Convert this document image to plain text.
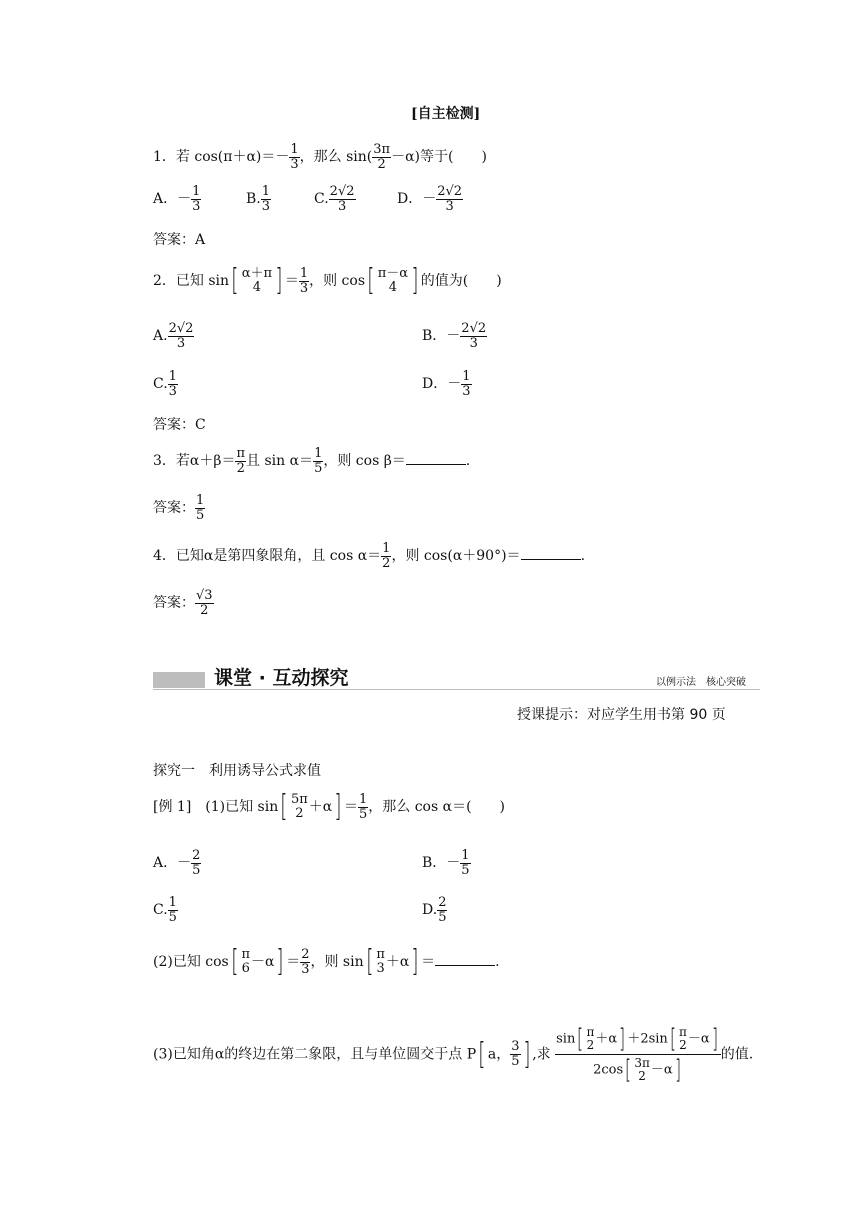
[自主检测]
1．若 $\cos(\pi+\alpha)=- \frac{1}{3}$ ，那么 $\sin( \frac{3\pi}{2} -\alpha)$等于(　　)
A．－ $\frac{1}{3}$	B. $\frac{1}{3}$	C. $\frac{2√2}{3}$	D．－ $\frac{2√2}{3}$
答案：A
2．已知 sin[ α＋π
4 ] ＝ $\frac{1}{3}$ ，则 cos[ π－α
4 ] 的值为(　　)
A. $\frac{2√2}{3}$	B．－ $\frac{2√2}{3}$
C. $\frac{1}{3}$	D．－ $\frac{1}{3}$
答案：C
3．若$\alpha+\beta= \frac{\pi}{2}$ 且 $\sin \alpha= \frac{1}{5}$ ，则 cos β＝	.
答案： $\frac{1}{5}$
4．已知α是第四象限角，且 $\cos \alpha= \frac{1}{2}$ ，则 cos(α＋90°)＝	.
答案： $\frac{√3}{2}$
课堂 · 互动探究	以例示法　核心突破
授课提示：对应学生用书第 90 页
探究一　利用诱导公式求值
[例 1]　(1)已知 sin[ 5π
$2 +\alpha] = \frac{1}{5}$ ，那么 cos α＝(　　)
A．－ $\frac{2}{5}$	B．－ $\frac{1}{5}$
C. $\frac{1}{5}$	D. $\frac{2}{5}$
(2)已知 cos[ π
$6 -\alpha] = \frac{2}{3}$ ，则 sin[ π
3 ＋α] ＝	.
(3)已知角α的终边在第二象限，且与单位圆交于点 P[ a， $\frac{3}{5}$ ] ,求 sin[ π
2 ＋α] ＋2sin[ π
2 －α]
2cos[ 3π
2 －α] 的值.
